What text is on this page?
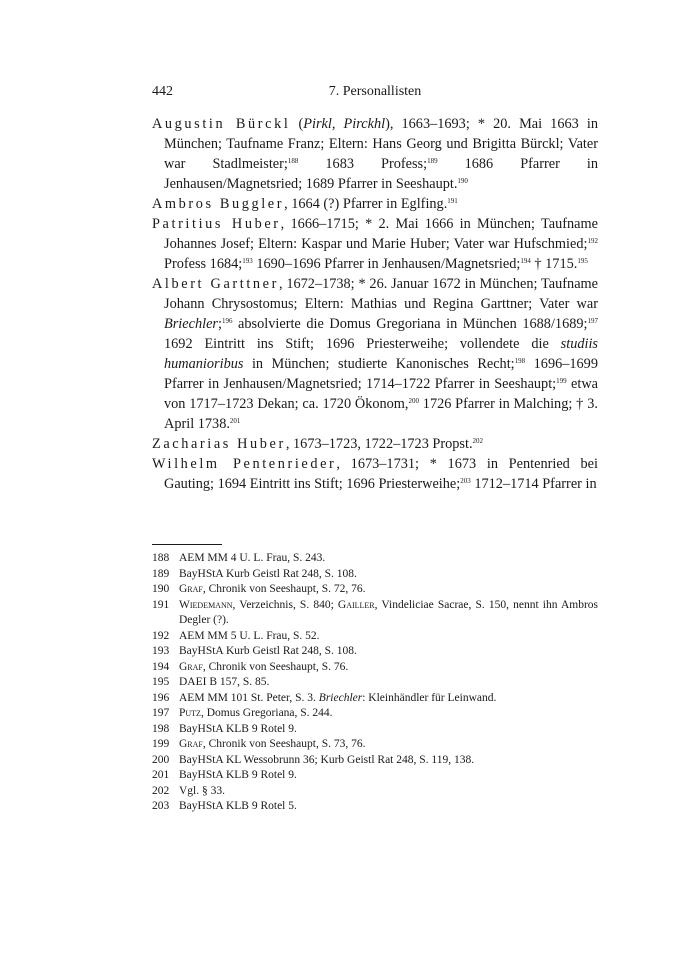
442	7. Personallisten

Augustin Bürckl (Pirkl, Pirckhl), 1663–1693; * 20. Mai 1663 in München; Taufname Franz; Eltern: Hans Georg und Brigitta Bürckl; Vater war Stadlmeister;$^{188}$ 1683 Profess;$^{189}$ 1686 Pfarrer in Jenhausen/Magnetsried; 1689 Pfarrer in Seeshaupt.$^{190}$

Ambros Buggler, 1664 (?) Pfarrer in Eglfing.$^{191}$

Patritius Huber, 1666–1715; * 2. Mai 1666 in München; Taufname Johannes Josef; Eltern: Kaspar und Marie Huber; Vater war Hufschmied;$^{192}$ Profess 1684;$^{193}$ 1690–1696 Pfarrer in Jenhausen/Magnetsried;$^{194}$ † 1715.$^{195}$

Albert Garttner, 1672–1738; * 26. Januar 1672 in München; Taufname Johann Chrysostomus; Eltern: Mathias und Regina Garttner; Vater war Briechler;$^{196}$ absolvierte die Domus Gregoriana in München 1688/1689;$^{197}$ 1692 Eintritt ins Stift; 1696 Priesterweihe; vollendete die studiis humanioribus in München; studierte Kanonisches Recht;$^{198}$ 1696–1699 Pfarrer in Jenhausen/Magnetsried; 1714–1722 Pfarrer in Seeshaupt;$^{199}$ etwa von 1717–1723 Dekan; ca. 1720 Ökonom,$^{200}$ 1726 Pfarrer in Malching; † 3. April 1738.$^{201}$

Zacharias Huber, 1673–1723, 1722–1723 Propst.$^{202}$

Wilhelm Pentenrieder, 1673–1731; * 1673 in Pentenried bei Gauting; 1694 Eintritt ins Stift; 1696 Priesterweihe;$^{203}$ 1712–1714 Pfarrer in

188 AEM MM 4 U. L. Frau, S. 243.
189 BayHStA Kurb Geistl Rat 248, S. 108.
190 Graf, Chronik von Seeshaupt, S. 72, 76.
191 Wiedemann, Verzeichnis, S. 840; Gailler, Vindeliciae Sacrae, S. 150, nennt ihn Ambros Degler (?).
192 AEM MM 5 U. L. Frau, S. 52.
193 BayHStA Kurb Geistl Rat 248, S. 108.
194 Graf, Chronik von Seeshaupt, S. 76.
195 DAEI B 157, S. 85.
196 AEM MM 101 St. Peter, S. 3. Briechler: Kleinhändler für Leinwand.
197 Putz, Domus Gregoriana, S. 244.
198 BayHStA KLB 9 Rotel 9.
199 Graf, Chronik von Seeshaupt, S. 73, 76.
200 BayHStA KL Wessobrunn 36; Kurb Geistl Rat 248, S. 119, 138.
201 BayHStA KLB 9 Rotel 9.
202 Vgl. § 33.
203 BayHStA KLB 9 Rotel 5.
